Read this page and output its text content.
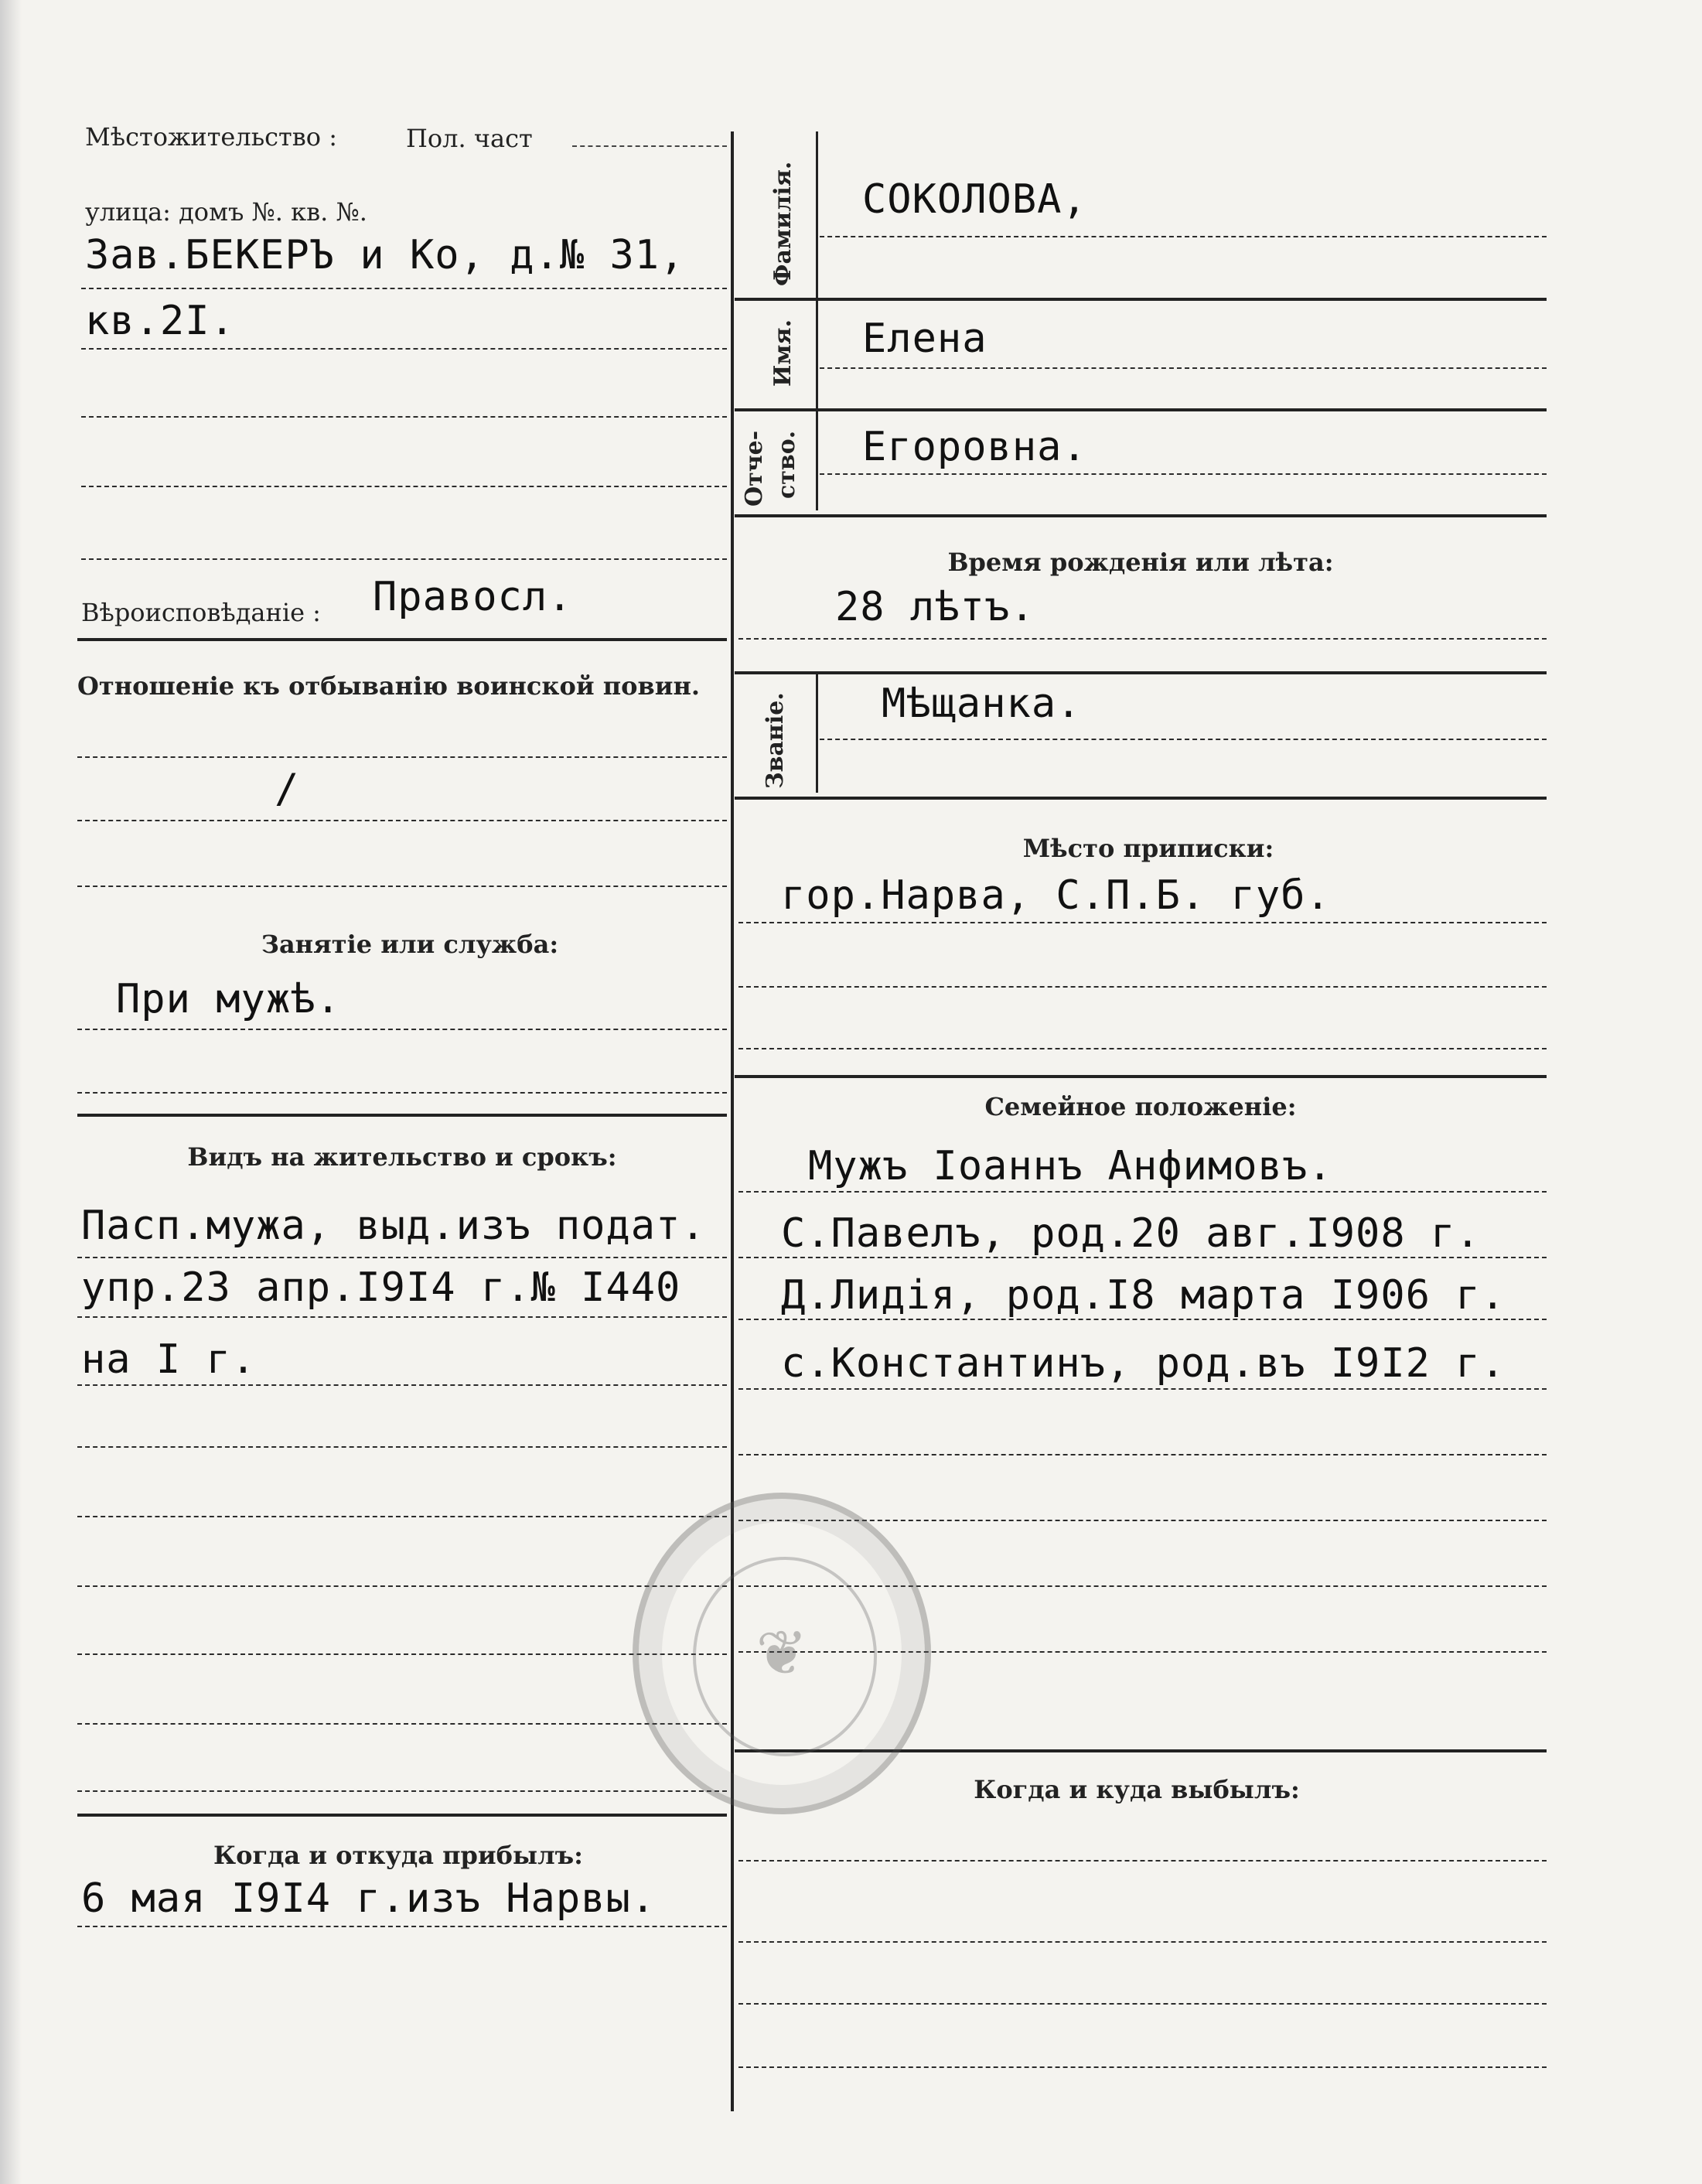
Мѣстожительство :	Пол. част
улица: домъ №. кв. №.
Зав.БЕКЕРЪ и Ко, д.№ 31,
кв.2I.
Вѣроисповѣданіе : Правосл.
Отношеніе къ отбыванію воинской повин.
/
Занятіе или служба:
При мужѣ.
Видъ на жительство и срокъ:
Пасп.мужа, выд.изъ подат.
упр.23 апр.I9I4 г.№ I440
на I г.
Когда и откуда прибылъ:
6 мая I9I4 г.изъ Нарвы.
Фамилія. СОКОЛОВА,
Имя. Елена
Отче- ство. Егоровна.
Время рожденія или лѣта:
28 лѣтъ.
Званіе. Мѣщанка.
Мѣсто приписки:
гор.Нарва, С.П.Б. губ.
Семейное положеніе:
Мужъ Іоаннъ Анфимовъ.
С.Павелъ, род.20 авг.I908 г.
Д.Лидія, род.I8 марта I906 г.
с.Константинъ, род.въ I9I2 г.
Когда и куда выбылъ:
❦
